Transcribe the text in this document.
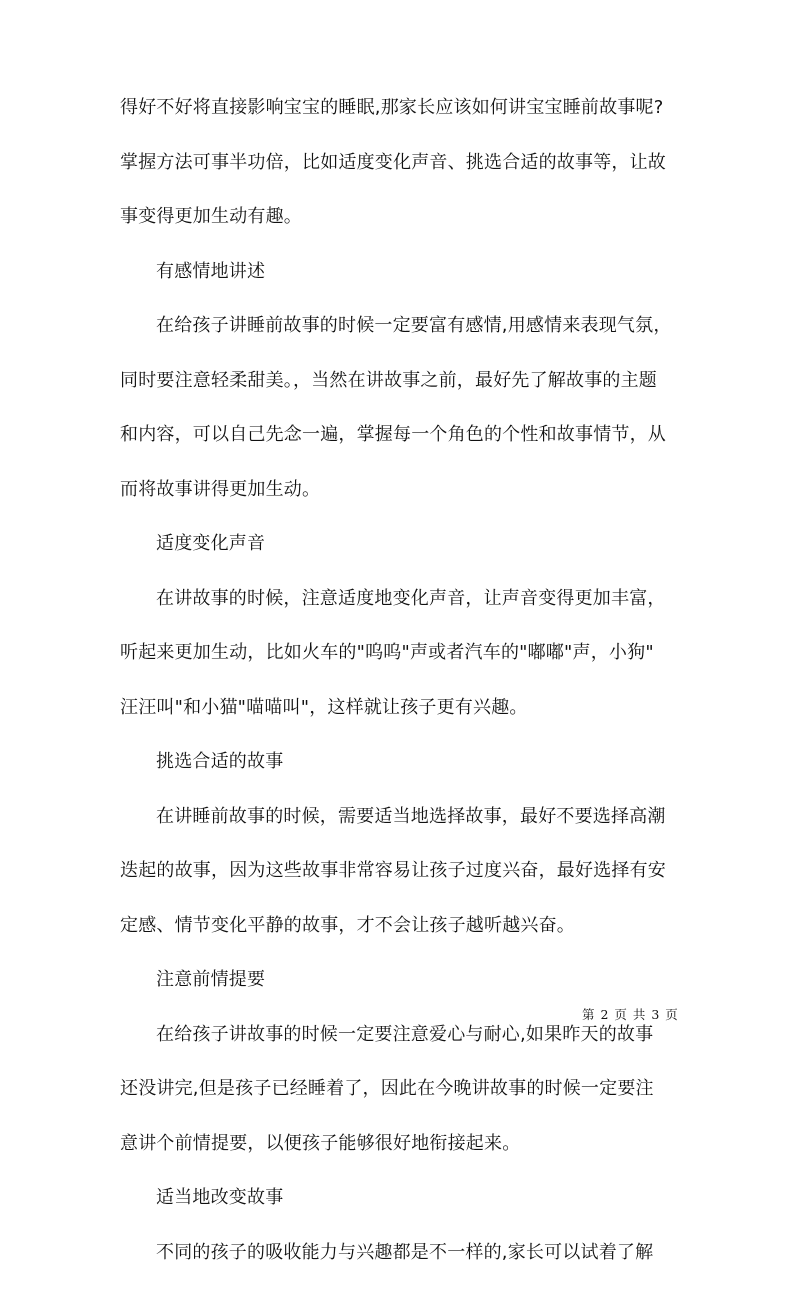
得好不好将直接影响宝宝的睡眠,那家长应该如何讲宝宝睡前故事呢?
掌握方法可事半功倍，比如适度变化声音、挑选合适的故事等，让故
事变得更加生动有趣。
有感情地讲述
在给孩子讲睡前故事的时候一定要富有感情,用感情来表现气氛，
同时要注意轻柔甜美。，当然在讲故事之前，最好先了解故事的主题
和内容，可以自己先念一遍，掌握每一个角色的个性和故事情节，从
而将故事讲得更加生动。
适度变化声音
在讲故事的时候，注意适度地变化声音，让声音变得更加丰富，
听起来更加生动，比如火车的"呜呜"声或者汽车的"嘟嘟"声，小狗"
汪汪叫"和小猫"喵喵叫"，这样就让孩子更有兴趣。
挑选合适的故事
在讲睡前故事的时候，需要适当地选择故事，最好不要选择高潮
迭起的故事，因为这些故事非常容易让孩子过度兴奋，最好选择有安
定感、情节变化平静的故事，才不会让孩子越听越兴奋。
注意前情提要
在给孩子讲故事的时候一定要注意爱心与耐心,如果昨天的故事
还没讲完,但是孩子已经睡着了，因此在今晚讲故事的时候一定要注
意讲个前情提要，以便孩子能够很好地衔接起来。
适当地改变故事
不同的孩子的吸收能力与兴趣都是不一样的,家长可以试着了解
第 2 页 共 3 页
